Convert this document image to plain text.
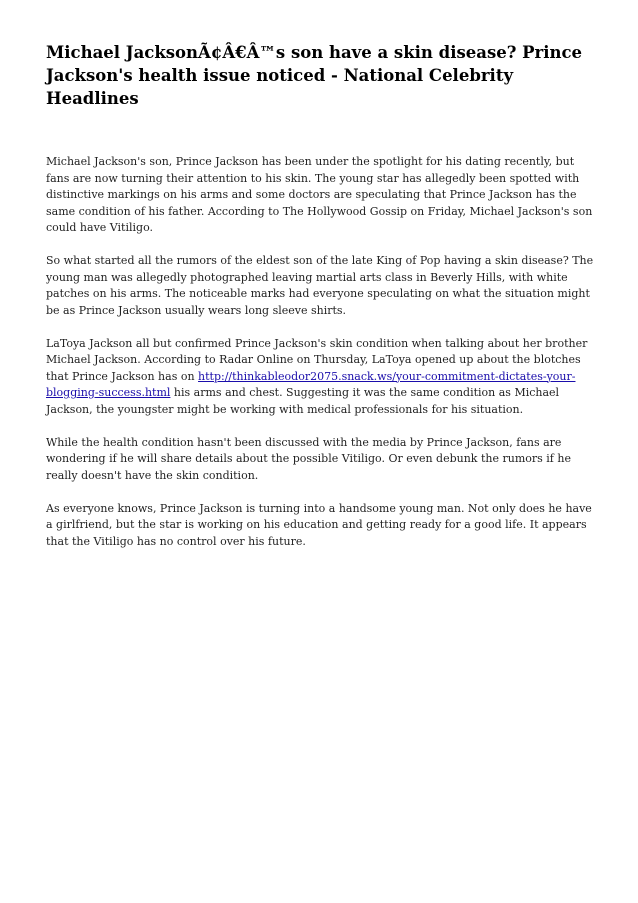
Michael JacksonÃ¢Â€Â™s son have a skin disease? Prince Jackson's health issue noticed - National Celebrity Headlines

Michael Jackson's son, Prince Jackson has been under the spotlight for his dating recently, but fans are now turning their attention to his skin. The young star has allegedly been spotted with distinctive markings on his arms and some doctors are speculating that Prince Jackson has the same condition of his father. According to The Hollywood Gossip on Friday, Michael Jackson's son could have Vitiligo.

So what started all the rumors of the eldest son of the late King of Pop having a skin disease? The young man was allegedly photographed leaving martial arts class in Beverly Hills, with white patches on his arms. The noticeable marks had everyone speculating on what the situation might be as Prince Jackson usually wears long sleeve shirts.

LaToya Jackson all but confirmed Prince Jackson's skin condition when talking about her brother Michael Jackson. According to Radar Online on Thursday, LaToya opened up about the blotches that Prince Jackson has on http://thinkableodor2075.snack.ws/your-commitment-dictates-your-blogging-success.html his arms and chest. Suggesting it was the same condition as Michael Jackson, the youngster might be working with medical professionals for his situation.

While the health condition hasn't been discussed with the media by Prince Jackson, fans are wondering if he will share details about the possible Vitiligo. Or even debunk the rumors if he really doesn't have the skin condition.

As everyone knows, Prince Jackson is turning into a handsome young man. Not only does he have a girlfriend, but the star is working on his education and getting ready for a good life. It appears that the Vitiligo has no control over his future.
